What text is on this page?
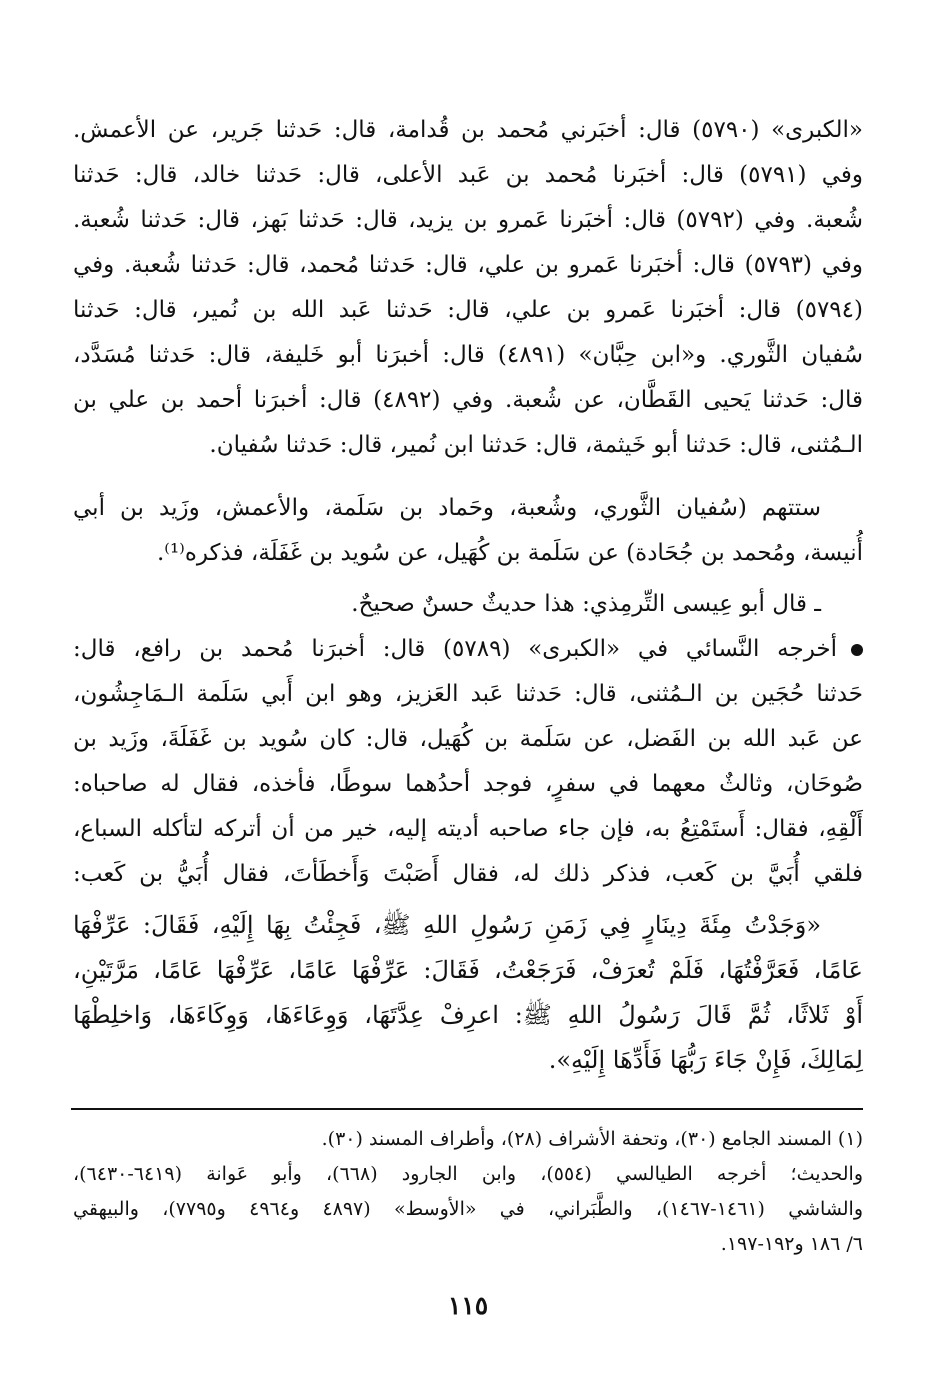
«الكبرى» (٥٧٩٠) قال: أخبَرني مُحمد بن قُدامة، قال: حَدثنا جَرير، عن الأعمش.
وفي (٥٧٩١) قال: أخبَرنا مُحمد بن عَبد الأعلى، قال: حَدثنا خالد، قال: حَدثنا
شُعبة. وفي (٥٧٩٢) قال: أخبَرنا عَمرو بن يزيد، قال: حَدثنا بَهز، قال: حَدثنا شُعبة.
وفي (٥٧٩٣) قال: أخبَرنا عَمرو بن علي، قال: حَدثنا مُحمد، قال: حَدثنا شُعبة. وفي
(٥٧٩٤) قال: أخبَرنا عَمرو بن علي، قال: حَدثنا عَبد الله بن نُمير، قال: حَدثنا
سُفيان الثَّوري. و«ابن حِبَّان» (٤٨٩١) قال: أخبرَنا أبو خَليفة، قال: حَدثنا مُسَدَّد،
قال: حَدثنا يَحيى القَطَّان، عن شُعبة. وفي (٤٨٩٢) قال: أخبرَنا أحمد بن علي بن
الـمُثنى، قال: حَدثنا أبو خَيثمة، قال: حَدثنا ابن نُمير، قال: حَدثنا سُفيان.
ستتهم (سُفيان الثَّوري، وشُعبة، وحَماد بن سَلَمة، والأعمش، وزَيد بن أبي
أُنيسة، ومُحمد بن جُحَادة) عن سَلَمة بن كُهَيل، عن سُويد بن غَفَلَة، فذكره⁽¹⁾.
ـ قال أبو عِيسى التِّرمِذي: هذا حديثٌ حسنٌ صحيحٌ.
أخرجه النَّسائي في «الكبرى» (٥٧٨٩) قال: أخبرَنا مُحمد بن رافع، قال:
حَدثنا حُجَين بن الـمُثنى، قال: حَدثنا عَبد العَزيز، وهو ابن أَبي سَلَمة الـمَاجِشُون،
عن عَبد الله بن الفَضل، عن سَلَمة بن كُهَيل، قال: كان سُويد بن غَفَلَةَ، وزَيد بن
صُوحَان، وثالثٌ معهما في سفرٍ، فوجد أحدُهما سوطًا، فأخذه، فقال له صاحباه:
أَلْقِهِ، فقال: أَستَمْتِعُ به، فإن جاء صاحبه أديته إليه، خير من أن أتركه لتأكله السباع،
فلقي أُبَيَّ بن كَعب، فذكر ذلك له، فقال أَصَبْتَ وَأَخطَأتَ، فقال أُبَيُّ بن كَعب:
«وَجَدْتُ مِئَةَ دِينَارٍ فِي زَمَنِ رَسُولِ اللهِ ﷺ، فَجِئْتُ بِهَا إِلَيْهِ، فَقَالَ: عَرِّفْهَا
عَامًا، فَعَرَّفْتُهَا، فَلَمْ تُعرَفْ، فَرَجَعْتُ، فَقَالَ: عَرِّفْهَا عَامًا، عَرِّفْهَا عَامًا، مَرَّتَيْنِ،
أَوْ ثَلاثًا، ثُمَّ قَالَ رَسُولُ اللهِ ﷺ: اعرِفْ عِدَّتَهَا، وَوِعَاءَهَا، وَوِكَاءَهَا، وَاخلِطْهَا
لِمَالِكَ، فَإِنْ جَاءَ رَبُّهَا فَأَدِّهَا إِلَيْهِ».
(١) المسند الجامع (٣٠)، وتحفة الأشراف (٢٨)، وأطراف المسند (٣٠).
والحديث؛ أخرجه الطيالسي (٥٥٤)، وابن الجارود (٦٦٨)، وأبو عَوانة (٦٤١٩-٦٤٣٠)،
والشاشي (١٤٦١-١٤٦٧)، والطَّبَراني، في «الأوسط» (٤٨٩٧ و٤٩٦٤ و٧٧٩٥)، والبيهقي
٦/ ١٨٦ و١٩٢-١٩٧.
١١٥
